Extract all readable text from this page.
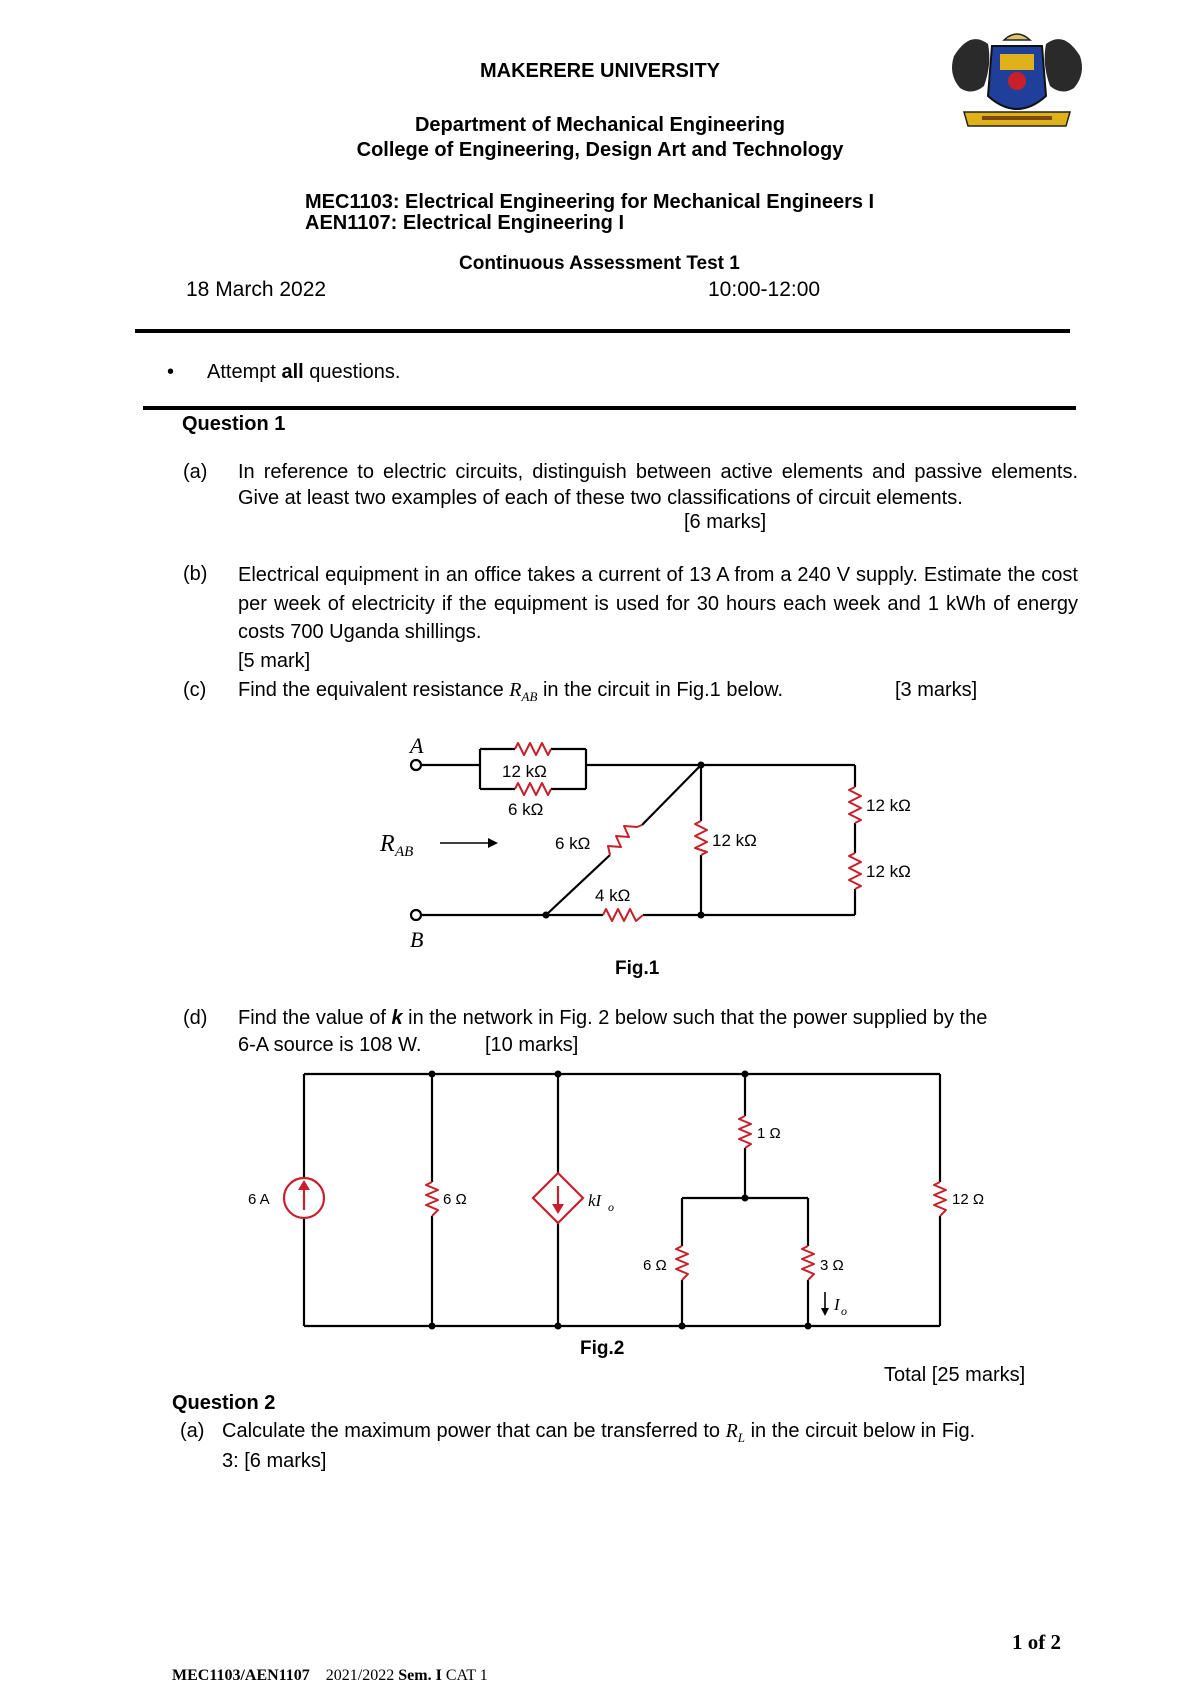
MAKERERE UNIVERSITY
Department of Mechanical Engineering
College of Engineering, Design Art and Technology
MEC1103: Electrical Engineering for Mechanical Engineers I
AEN1107: Electrical Engineering I
Continuous Assessment Test 1
18 March 2022	10:00-12:00
• Attempt all questions.
Question 1
(a) In reference to electric circuits, distinguish between active elements and passive elements. Give at least two examples of each of these two classifications of circuit elements.
[6 marks]
(b) Electrical equipment in an office takes a current of 13 A from a 240 V supply. Estimate the cost per week of electricity if the equipment is used for 30 hours each week and 1 kWh of energy costs 700 Uganda shillings.
[5 mark]
(c) Find the equivalent resistance $R_{AB}$ in the circuit in Fig.1 below.	[3 marks]
A
B
R AB
12 kΩ
6 kΩ
6 kΩ
4 kΩ
12 kΩ
12 kΩ
12 kΩ
Fig.1
(d) Find the value of k in the network in Fig. 2 below such that the power supplied by the
6-A source is 108 W.	[10 marks]
6 A	6 Ω	kI o
1 Ω
6 Ω	3 Ω
I o
12 Ω
Fig.2
Total [25 marks]
Question 2
(a) Calculate the maximum power that can be transferred to $R_L$ in the circuit below in Fig.
3: [6 marks]
1 of 2
MEC1103/AEN1107 2021/2022 Sem. I CAT 1
